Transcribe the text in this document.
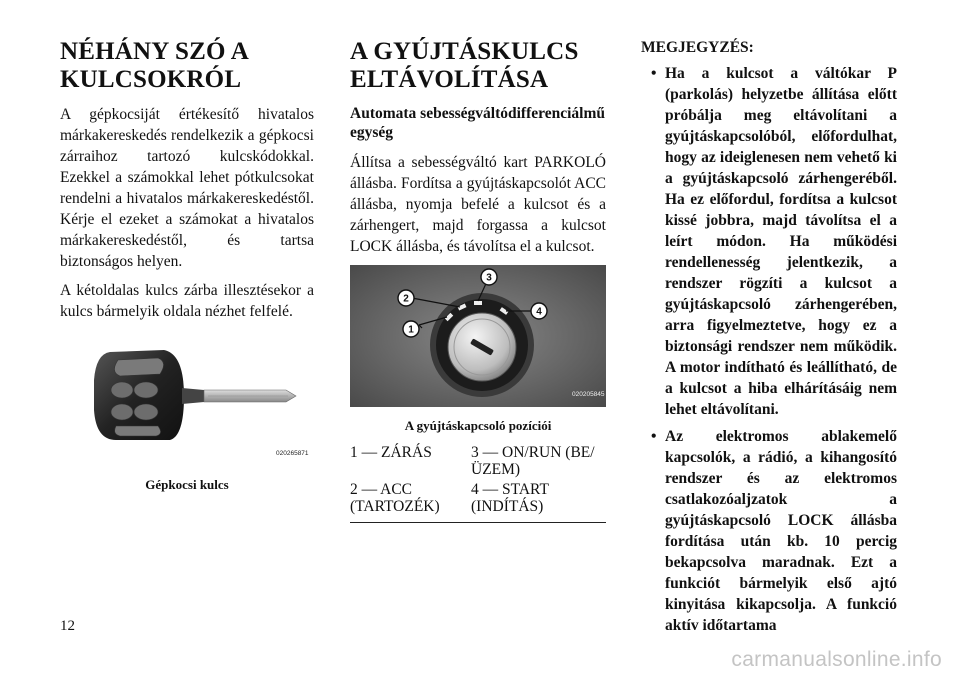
NÉHÁNY SZÓ A KULCSOKRÓL

A gépkocsiját értékesítő hivatalos márkakereskedés rendelkezik a gépkocsi zárraihoz tartozó kulcskódokkal. Ezekkel a számokkal lehet pótkulcsokat rendelni a hivatalos márkakereskedéstől. Kérje el ezeket a számokat a hivatalos márkakereskedéstől, és tartsa biztonságos helyen.

A kétoldalas kulcs zárba illesztésekor a kulcs bármelyik oldala nézhet felfelé.

020265871

Gépkocsi kulcs

A GYÚJTÁSKULCS ELTÁVOLÍTÁSA
Automata sebességváltódifferenciálmű egység

Állítsa a sebességváltó kart PARKOLÓ állásba. Fordítsa a gyújtáskapcsolót ACC állásba, nyomja befelé a kulcsot és a zárhengert, majd forgassa a kulcsot LOCK állásba, és távolítsa el a kulcsot.

1
2
3
4
020205845

A gyújtáskapcsoló pozíciói

1 — ZÁRÁS	3 — ON/RUN (BE/ÜZEM)
2 — ACC (TARTOZÉK)	4 — START (INDÍTÁS)
MEGJEGYZÉS:
• Ha a kulcsot a váltókar P (parkolás) helyzetbe állítása előtt próbálja meg eltávolítani a gyújtáskapcsolóból, előfordulhat, hogy az ideiglenesen nem vehető ki a gyújtáskapcsoló zárhengeréből. Ha ez előfordul, fordítsa a kulcsot kissé jobbra, majd távolítsa el a leírt módon. Ha működési rendellenesség jelentkezik, a rendszer rögzíti a kulcsot a gyújtáskapcsoló zárhengerében, arra figyelmeztetve, hogy ez a biztonsági rendszer nem működik. A motor indítható és leállítható, de a kulcsot a hiba elhárításáig nem lehet eltávolítani.
• Az elektromos ablakemelő kapcsolók, a rádió, a kihangosító rendszer és az elektromos csatlakozóaljzatok a gyújtáskapcsoló LOCK állásba fordítása után kb. 10 percig bekapcsolva maradnak. Ezt a funkciót bármelyik első ajtó kinyitása kikapcsolja. A funkció aktív időtartama
12
carmanualsonline.info
